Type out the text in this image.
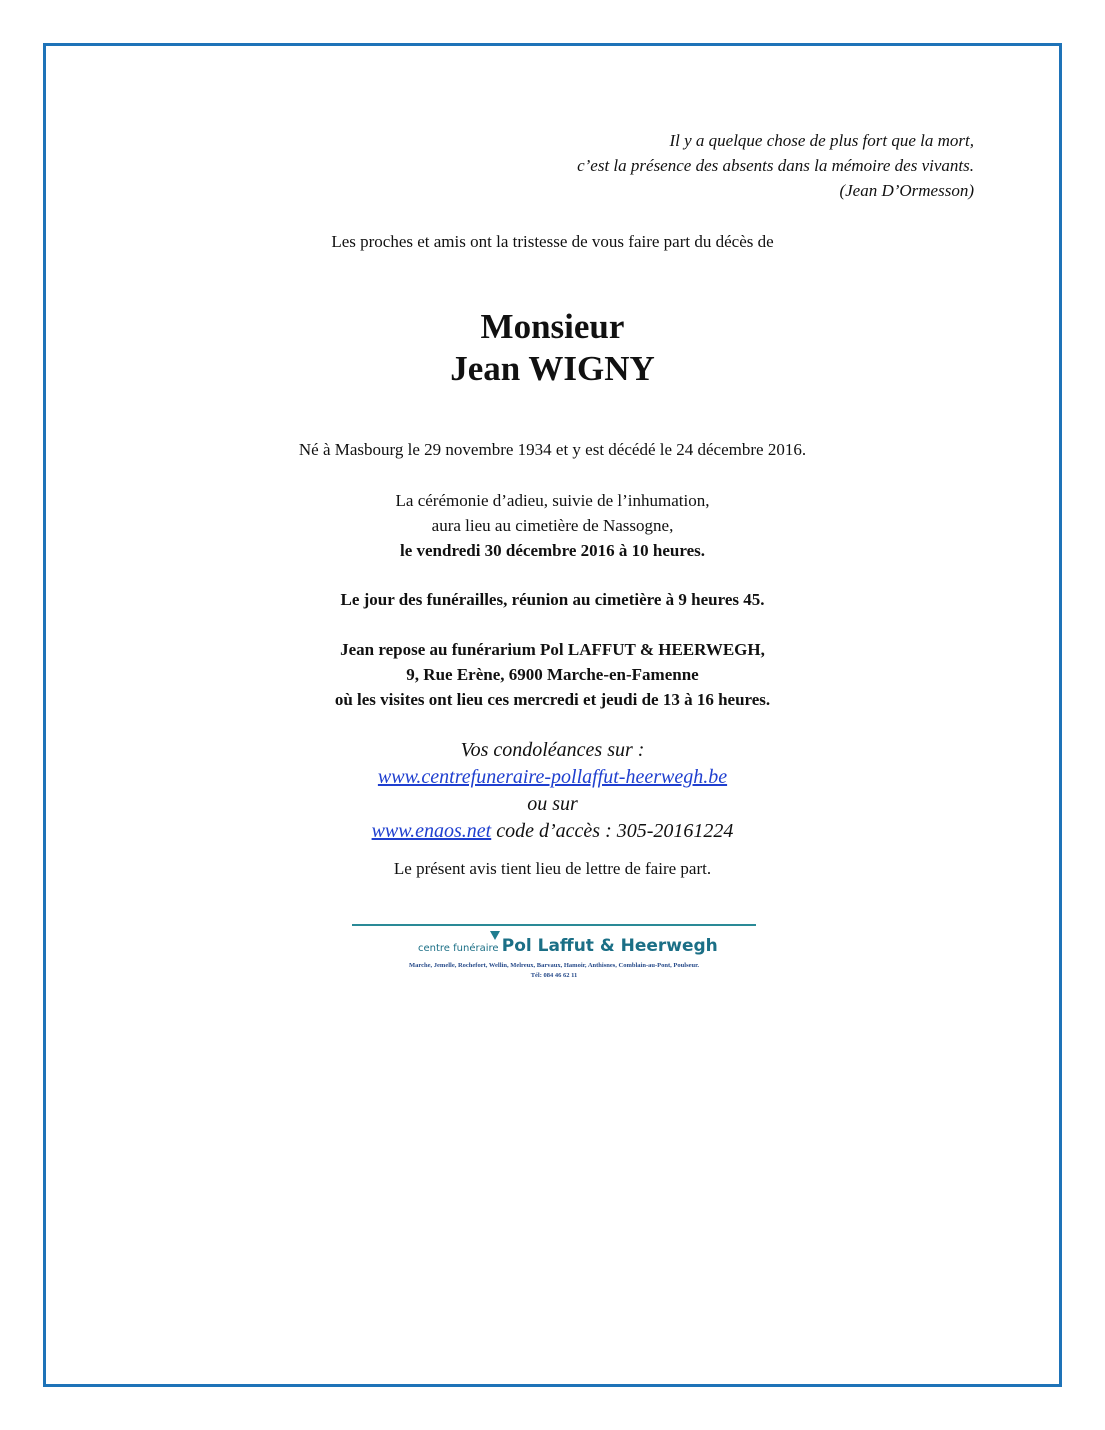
Il y a quelque chose de plus fort que la mort,
c’est la présence des absents dans la mémoire des vivants.
(Jean D’Ormesson)
Les proches et amis ont la tristesse de vous faire part du décès de
Monsieur
Jean WIGNY
Né à Masbourg le 29 novembre 1934 et y est décédé le 24 décembre 2016.
La cérémonie d’adieu, suivie de l’inhumation,
aura lieu au cimetière de Nassogne,
le vendredi 30 décembre 2016 à 10 heures.
Le jour des funérailles, réunion au cimetière à 9 heures 45.
Jean repose au funérarium Pol LAFFUT & HEERWEGH,
9, Rue Erène, 6900 Marche-en-Famenne
où les visites ont lieu ces mercredi et jeudi de 13 à 16 heures.
Vos condoléances sur :
www.centrefuneraire-pollaffut-heerwegh.be
ou sur
www.enaos.net code d’accès : 305-20161224
Le présent avis tient lieu de lettre de faire part.
centre funéraire Pol Laffut & Heerwegh
Marche, Jemelle, Rochefort, Wellin, Melreux, Barvaux, Hamoir, Anthisnes, Comblain-au-Pont, Poulseur.
Tél: 084 46 62 11
